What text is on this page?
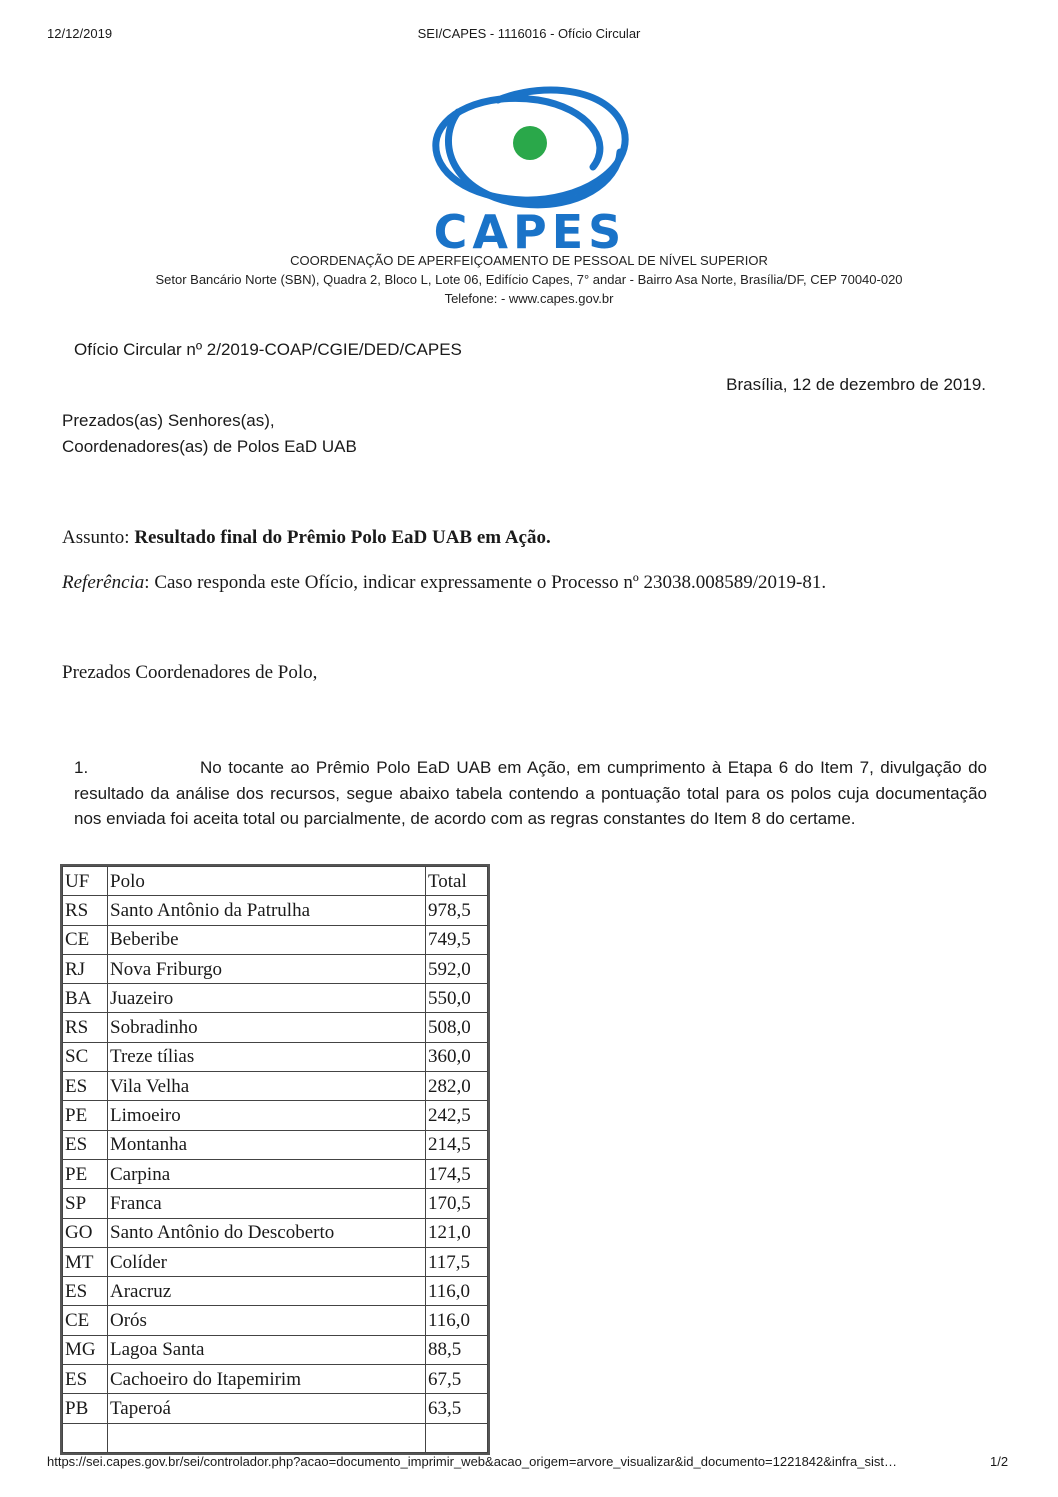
12/12/2019	SEI/CAPES - 1116016 - Ofício Circular
CAPES
COORDENAÇÃO DE APERFEIÇOAMENTO DE PESSOAL DE NÍVEL SUPERIOR
Setor Bancário Norte (SBN), Quadra 2, Bloco L, Lote 06, Edifício Capes, 7° andar - Bairro Asa Norte, Brasília/DF, CEP 70040-020
Telefone: - www.capes.gov.br
Ofício Circular nº 2/2019-COAP/CGIE/DED/CAPES
Brasília, 12 de dezembro de 2019.
Prezados(as) Senhores(as),
Coordenadores(as) de Polos EaD UAB
Assunto: Resultado final do Prêmio Polo EaD UAB em Ação.
Referência: Caso responda este Ofício, indicar expressamente o Processo nº 23038.008589/2019-81.
Prezados Coordenadores de Polo,
1.	No tocante ao Prêmio Polo EaD UAB em Ação, em cumprimento à Etapa 6 do Item 7, divulgação do resultado da análise dos recursos, segue abaixo tabela contendo a pontuação total para os polos cuja documentação nos enviada foi aceita total ou parcialmente, de acordo com as regras constantes do Item 8 do certame.
UF	Polo	Total
RS	Santo Antônio da Patrulha	978,5
CE	Beberibe	749,5
RJ	Nova Friburgo	592,0
BA	Juazeiro	550,0
RS	Sobradinho	508,0
SC	Treze tílias	360,0
ES	Vila Velha	282,0
PE	Limoeiro	242,5
ES	Montanha	214,5
PE	Carpina	174,5
SP	Franca	170,5
GO	Santo Antônio do Descoberto	121,0
MT	Colíder	117,5
ES	Aracruz	116,0
CE	Orós	116,0
MG	Lagoa Santa	88,5
ES	Cachoeiro do Itapemirim	67,5
PB	Taperoá	63,5

https://sei.capes.gov.br/sei/controlador.php?acao=documento_imprimir_web&acao_origem=arvore_visualizar&id_documento=1221842&infra_sist…	1/2
